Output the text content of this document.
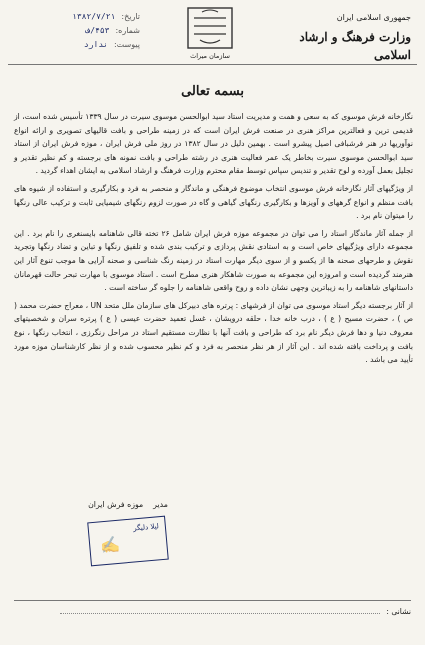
جمهوری اسلامی ایران
وزارت فرهنگ و ارشاد اسلامی
سازمان میراث
تاریخ:
۱۳۸۲/۷/۲۱
شماره:
۴۵۳/ف
پیوست:
ندارد
بسمه تعالی

نگارخانه فرش موسوی که به سعی و همت و مدیریت استاد سید ابوالحسن موسوی سیرت در سال ۱۳۳۹ تأسیس شده است، از قدیمی ترین و فعالترین مراکز هنری در صنعت فرش ایران است که در زمینه طراحی و بافت قالیهای تصویری و ارائه انواع نوآوریها در هنر فرشبافی اصیل پیشرو است . بهمین دلیل در سال ۱۳۸۲ در روز ملی فرش ایران ، موزه فرش ایران از استاد سید ابوالحسن موسوی سیرت بخاطر یک عمر فعالیت هنری در رشته طراحی و بافت نمونه های برجسته و کم نظیر تقدیر و تجلیل بعمل آورده و لوح تقدیر و تندیس سپاس توسط مقام محترم وزارت فرهنگ و ارشاد اسلامی به ایشان اهداء گردید .

از ویژگیهای آثار نگارخانه فرش موسوی انتخاب موضوع فرهنگی و ماندگار و منحصر به فرد و بکارگیری و استفاده از شیوه های بافت منظم و انواع گرههای و آویزها و بکارگیری رنگهای گیاهی و گاه در صورت لزوم رنگهای شیمیایی ثابت و ترکیب عالی رنگها را میتوان نام برد .

از جمله آثار ماندگار استاد را می توان در مجموعه موزه فرش ایران شامل ۲۶ تخته قالی شاهنامه بایسنغری را نام برد . این مجموعه دارای ویژگیهای خاص است و به استادی نقش پردازی و ترکیب بندی شده و تلفیق رنگها و تباین و تضاد رنگها وتجرید نقوش و طرحهای صحنه ها از یکسو و از سوی دیگر مهارت استاد در زمینه رنگ شناسی و صحنه آرایی ها موجب تنوع آثار این هنرمند گردیده است و امروزه این مجموعه به صورت شاهکار هنری مطرح است . استاد موسوی با مهارت تبحر حالت قهرمانان داستانهای شاهنامه را به زیباترین وجهی نشان داده و روح واقعی شاهنامه را جلوه گر ساخته است .

از آثار برجسته دیگر استاد موسوی می توان از فرشهای : پرتره های دبیرکل های سازمان ملل متحد UN ، معراج حضرت محمد ( ص ) ، حضرت مسیح ( ع ) ، درب خانه خدا ، حلقه درویشان ، غسل تعمید حضرت عیسی ( ع ) پرتره سران و شخصیتهای معروف دنیا و دها فرش دیگر نام برد که طراحی و بافت آنها با نظارت مستقیم استاد در مراحل رنگرزی ، انتخاب رنگها ، نوع بافت و پرداخت بافته شده اند . این آثار از هر نظر منحصر به فرد و کم نظیر محسوب شده و از نظر کارشناسان موزه مورد تأیید می باشد .

مدیر
موزه فرش ایران
لیلا دلیگر
✍
نشانی :
